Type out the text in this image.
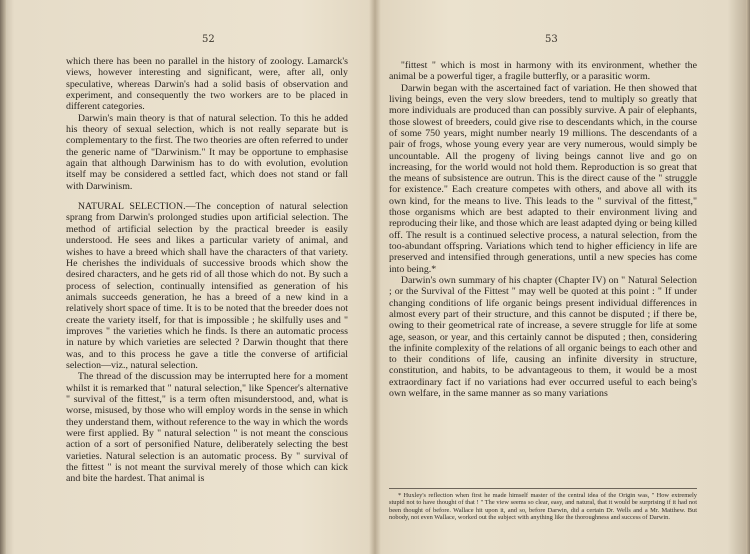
52

which there has been no parallel in the history of zoology. Lamarck's views, however interesting and significant, were, after all, only speculative, whereas Darwin's had a solid basis of observation and experiment, and consequently the two workers are to be placed in different categories.

Darwin's main theory is that of natural selection. To this he added his theory of sexual selection, which is not really separate but is complementary to the first. The two theories are often referred to under the generic name of "Darwinism." It may be opportune to emphasise again that although Darwinism has to do with evolution, evolution itself may be considered a settled fact, which does not stand or fall with Darwinism.

NATURAL SELECTION.—The conception of natural selection sprang from Darwin's prolonged studies upon artificial selection. The method of artificial selection by the practical breeder is easily understood. He sees and likes a particular variety of animal, and wishes to have a breed which shall have the characters of that variety. He cherishes the individuals of successive broods which show the desired characters, and he gets rid of all those which do not. By such a process of selection, continually intensified as generation of his animals succeeds generation, he has a breed of a new kind in a relatively short space of time. It is to be noted that the breeder does not create the variety itself, for that is impossible ; he skilfully uses and " improves " the varieties which he finds. Is there an automatic process in nature by which varieties are selected ? Darwin thought that there was, and to this process he gave a title the converse of artificial selection—viz., natural selection.

The thread of the discussion may be interrupted here for a moment whilst it is remarked that " natural selection," like Spencer's alternative " survival of the fittest," is a term often misunderstood, and, what is worse, misused, by those who will employ words in the sense in which they understand them, without reference to the way in which the words were first applied. By " natural selection " is not meant the conscious action of a sort of personified Nature, deliberately selecting the best varieties. Natural selection is an automatic process. By " survival of the fittest " is not meant the survival merely of those which can kick and bite the hardest. That animal is

53

"fittest " which is most in harmony with its environment, whether the animal be a powerful tiger, a fragile butterfly, or a parasitic worm.

Darwin began with the ascertained fact of variation. He then showed that living beings, even the very slow breeders, tend to multiply so greatly that more individuals are produced than can possibly survive. A pair of elephants, those slowest of breeders, could give rise to descendants which, in the course of some 750 years, might number nearly 19 millions. The descendants of a pair of frogs, whose young every year are very numerous, would simply be uncountable. All the progeny of living beings cannot live and go on increasing, for the world would not hold them. Reproduction is so great that the means of subsistence are outrun. This is the direct cause of the " struggle for existence." Each creature competes with others, and above all with its own kind, for the means to live. This leads to the " survival of the fittest," those organisms which are best adapted to their environment living and reproducing their like, and those which are least adapted dying or being killed off. The result is a continued selective process, a natural selection, from the too-abundant offspring. Variations which tend to higher efficiency in life are preserved and intensified through generations, until a new species has come into being.*

Darwin's own summary of his chapter (Chapter IV) on " Natural Selection ; or the Survival of the Fittest " may well be quoted at this point : " If under changing conditions of life organic beings present individual differences in almost every part of their structure, and this cannot be disputed ; if there be, owing to their geometrical rate of increase, a severe struggle for life at some age, season, or year, and this certainly cannot be disputed ; then, considering the infinite complexity of the relations of all organic beings to each other and to their conditions of life, causing an infinite diversity in structure, constitution, and habits, to be advantageous to them, it would be a most extraordinary fact if no variations had ever occurred useful to each being's own welfare, in the same manner as so many variations

* Huxley's reflection when first he made himself master of the central idea of the Origin was, " How extremely stupid not to have thought of that ! " The view seems so clear, easy, and natural, that it would be surprising if it had not been thought of before. Wallace hit upon it, and so, before Darwin, did a certain Dr. Wells and a Mr. Matthew. But nobody, not even Wallace, worked out the subject with anything like the thoroughness and success of Darwin.
